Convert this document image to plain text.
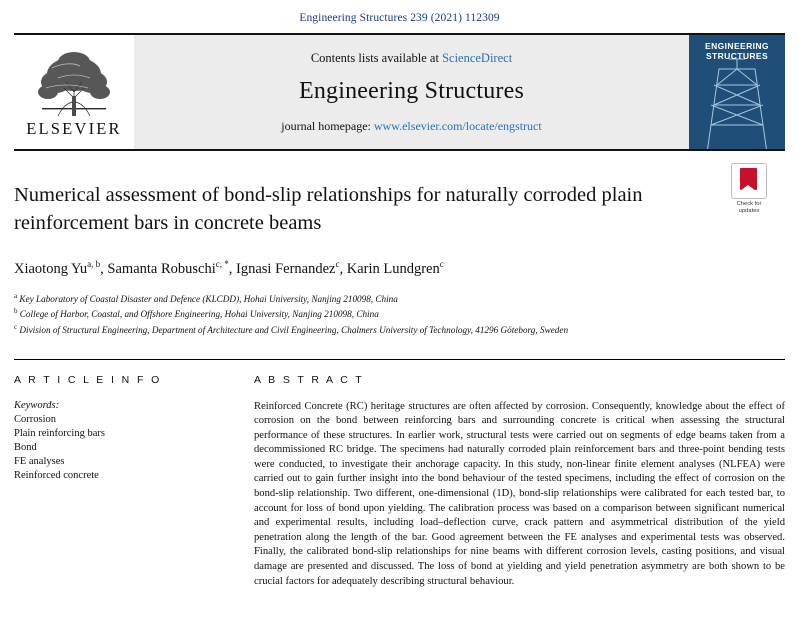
Engineering Structures 239 (2021) 112309
ELSEVIER
Contents lists available at ScienceDirect
Engineering Structures
journal homepage: www.elsevier.com/locate/engstruct
ENGINEERING
STRUCTURES
Check for
updates
Numerical assessment of bond-slip relationships for naturally corroded plain reinforcement bars in concrete beams
Xiaotong Yu$^{a, b}$, Samanta Robuschi$^{c, *}$, Ignasi Fernandez$^c$, Karin Lundgren$^c$
$^a$ Key Laboratory of Coastal Disaster and Defence (KLCDD), Hohai University, Nanjing 210098, China
$^b$ College of Harbor, Coastal, and Offshore Engineering, Hohai University, Nanjing 210098, China
$^c$ Division of Structural Engineering, Department of Architecture and Civil Engineering, Chalmers University of Technology, 41296 Göteborg, Sweden
A R T I C L E I N F O
Keywords:
Corrosion
Plain reinforcing bars
Bond
FE analyses
Reinforced concrete
A B S T R A C T

Reinforced Concrete (RC) heritage structures are often affected by corrosion. Consequently, knowledge about the effect of corrosion on the bond between reinforcing bars and surrounding concrete is critical when assessing the structural performance of these structures. In earlier work, structural tests were carried out on segments of edge beams taken from a decommissioned RC bridge. The specimens had naturally corroded plain reinforcement bars and three-point bending tests were conducted, to investigate their anchorage capacity. In this study, non-linear finite element analyses (NLFEA) were carried out to gain further insight into the bond behaviour of the tested specimens, including the effect of corrosion on the bond-slip relationship. Two different, one-dimensional (1D), bond-slip relationships were calibrated for each tested bar, to account for loss of bond upon yielding. The calibration process was based on a comparison between significant numerical and experimental results, including load–deflection curve, crack pattern and asymmetrical distribution of the yield penetration along the length of the bar. Good agreement between the FE analyses and experimental tests was observed. Finally, the calibrated bond-slip relationships for nine beams with different corrosion levels, casting positions, and visual damage are presented and discussed. The loss of bond at yielding and yield penetration asymmetry are both shown to be crucial factors for adequately describing structural behaviour.
